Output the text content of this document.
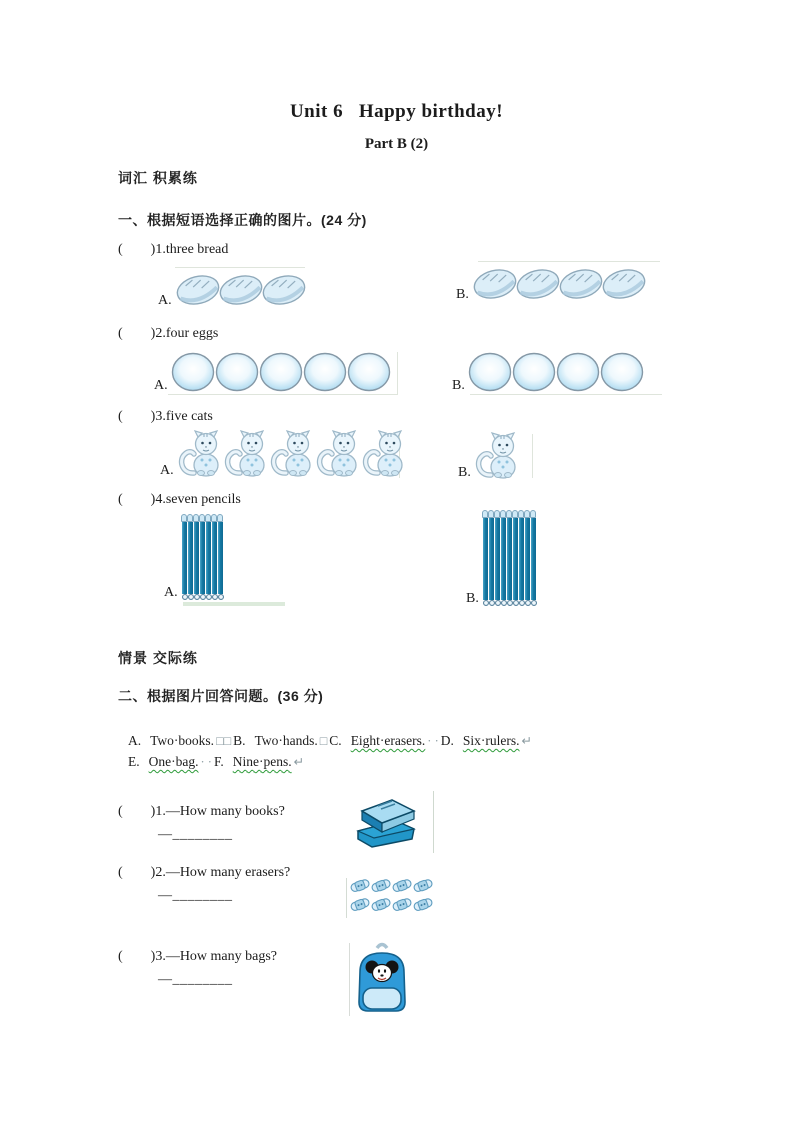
Unit 6   Happy birthday!
Part B (2)
词汇 积累练
一、根据短语选择正确的图片。(24 分)
(        )1.three bread
A.	B.
(        )2.four eggs
A.	B.
(        )3.five cats
A.	B.
(        )4.seven pencils
A.	B.
情景 交际练
二、根据图片回答问题。(36 分)
A. Two·books. □□ B. Two·hands. □ C. Eight·erasers. · · D. Six·rulers. ↵
E. One·bag. · · F. Nine·pens. ↵
(        )1.—How many books?
—________
(        )2.—How many erasers?
—________
(        )3.—How many bags?
—________
